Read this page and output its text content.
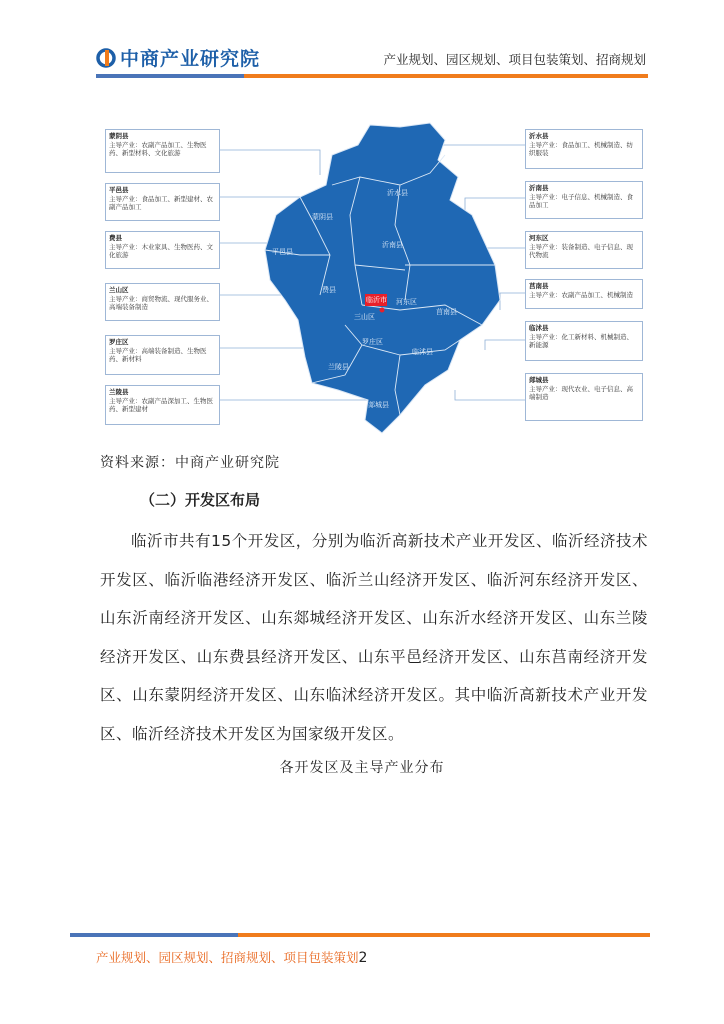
中商产业研究院	产业规划、园区规划、项目包装策划、招商规划
沂水县
蒙阴县
沂南县
平邑县
费县
临沂市 河东区
三山区
罗庄区
莒南县
临沭县
兰陵县
郯城县
蒙阴县
主导产业：农副产品加工、生物医药、新型材料、文化旅游
平邑县
主导产业：食品加工、新型建材、农副产品加工
费县
主导产业：木业家具、生物医药、文化旅游
兰山区
主导产业：商贸物流、现代服务业、高端装备制造
罗庄区
主导产业：高端装备制造、生物医药、新材料
兰陵县
主导产业：农副产品深加工、生物医药、新型建材
沂水县
主导产业：食品加工、机械制造、纺织服装
沂南县
主导产业：电子信息、机械制造、食品加工
河东区
主导产业：装备制造、电子信息、现代物流
莒南县
主导产业：农副产品加工、机械制造
临沭县
主导产业：化工新材料、机械制造、新能源
郯城县
主导产业：现代农业、电子信息、高端制造
资料来源：中商产业研究院
（二）开发区布局
临沂市共有15个开发区，分别为临沂高新技术产业开发区、临沂经济技术开发区、临沂临港经济开发区、临沂兰山经济开发区、临沂河东经济开发区、山东沂南经济开发区、山东郯城经济开发区、山东沂水经济开发区、山东兰陵经济开发区、山东费县经济开发区、山东平邑经济开发区、山东莒南经济开发区、山东蒙阴经济开发区、山东临沭经济开发区。其中临沂高新技术产业开发区、临沂经济技术开发区为国家级开发区。
各开发区及主导产业分布
产业规划、园区规划、招商规划、项目包装策划2
